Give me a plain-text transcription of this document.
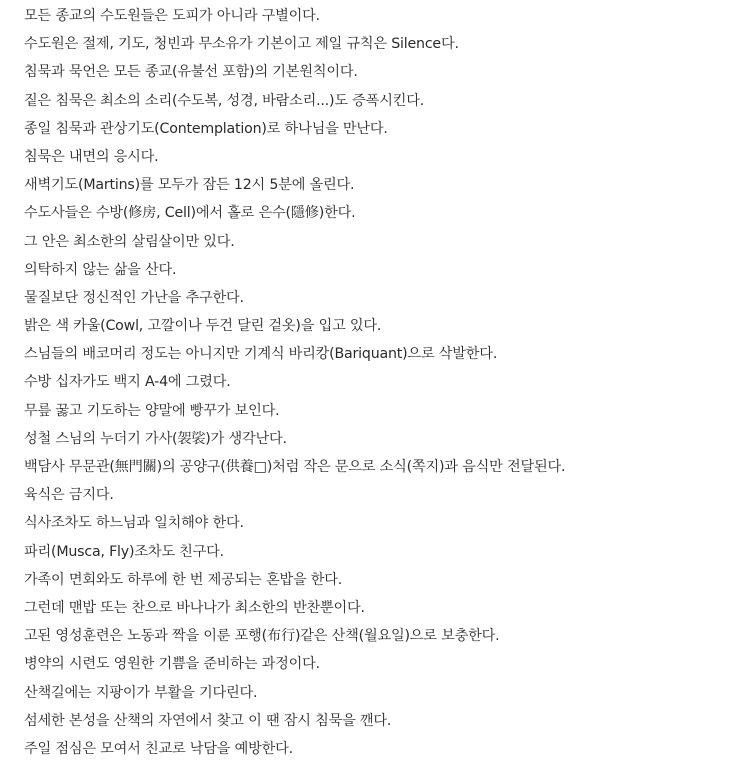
모든 종교의 수도원들은 도피가 아니라 구별이다.
수도원은 절제, 기도, 청빈과 무소유가 기본이고 제일 규칙은 Silence다.
침묵과 묵언은 모든 종교(유불선 포함)의 기본원칙이다.
짙은 침묵은 최소의 소리(수도복, 성경, 바람소리...)도 증폭시킨다.
종일 침묵과 관상기도(Contemplation)로 하나님을 만난다.
침묵은 내면의 응시다.
새벽기도(Martins)를 모두가 잠든 12시 5분에 올린다.
수도사들은 수방(修房, Cell)에서 홀로 은수(隱修)한다.
그 안은 최소한의 살림살이만 있다.
의탁하지 않는 삶을 산다.
물질보단 정신적인 가난을 추구한다.
밝은 색 카울(Cowl, 고깔이나 두건 달린 겉옷)을 입고 있다.
스님들의 배코머리 정도는 아니지만 기계식 바리캉(Bariquant)으로 삭발한다.
수방 십자가도 백지 A-4에 그렸다.
무릎 꿇고 기도하는 양말에 빵꾸가 보인다.
성철 스님의 누더기 가사(袈裟)가 생각난다.
백담사 무문관(無門關)의 공양구(供養□)처럼 작은 문으로 소식(쪽지)과 음식만 전달된다.
육식은 금지다.
식사조차도 하느님과 일치해야 한다.
파리(Musca, Fly)조차도 친구다.
가족이 면회와도 하루에 한 번 제공되는 혼밥을 한다.
그런데 맨밥 또는 찬으로 바나나가 최소한의 반찬뿐이다.
고된 영성훈련은 노동과 짝을 이룬 포행(布行)같은 산책(월요일)으로 보충한다.
병약의 시련도 영원한 기쁨을 준비하는 과정이다.
산책길에는 지팡이가 부활을 기다린다.
섬세한 본성을 산책의 자연에서 찾고 이 땐 잠시 침묵을 깬다.
주일 점심은 모여서 친교로 낙담을 예방한다.
